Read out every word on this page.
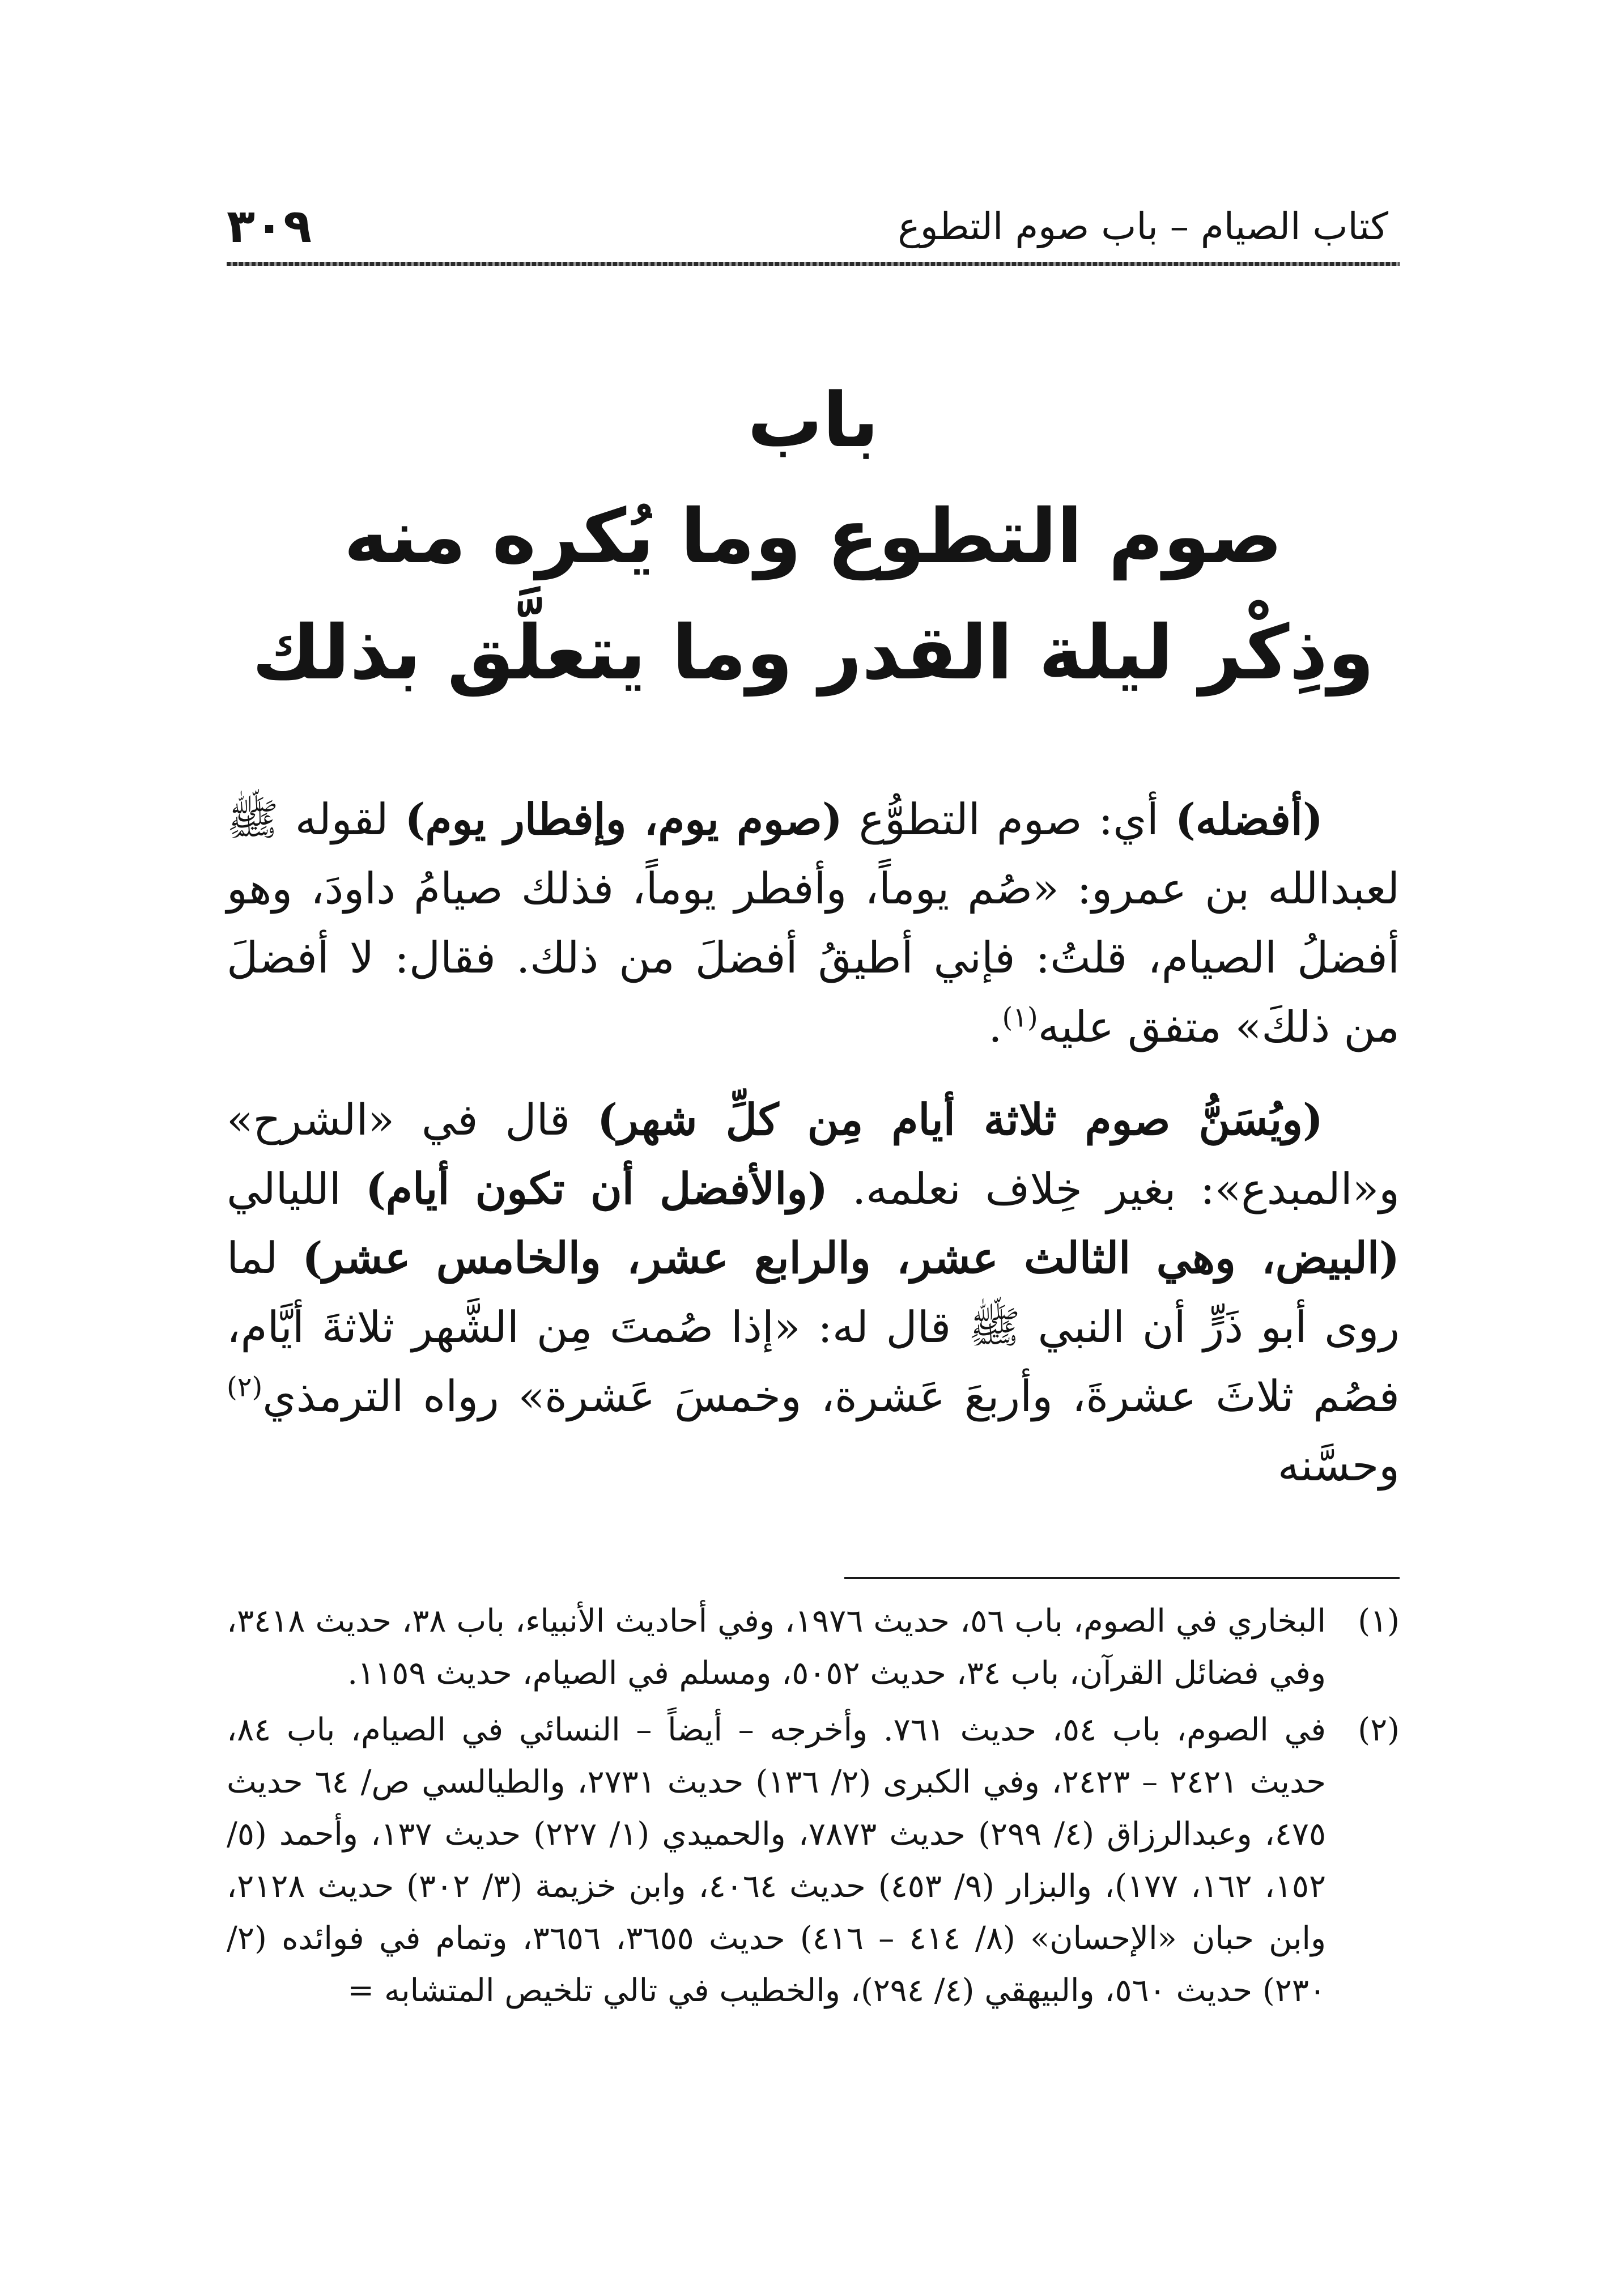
٣٠٩	كتاب الصيام – باب صوم التطوع
باب
صوم التطوع وما يُكره منه
وذِكْر ليلة القدر وما يتعلَّق بذلك

(أفضله) أي: صوم التطوُّع (صوم يوم، وإفطار يوم) لقوله ﷺ لعبدالله بن عمرو: «صُم يوماً، وأفطر يوماً، فذلك صيامُ داودَ، وهو أفضلُ الصيام، قلتُ: فإني أطيقُ أفضلَ من ذلك. فقال: لا أفضلَ من ذلكَ» متفق عليه$^{(١)}$.

(ويُسَنُّ صوم ثلاثة أيام مِن كلِّ شهر) قال في «الشرح» و«المبدع»: بغير خِلاف نعلمه. (والأفضل أن تكون أيام) الليالي (البيض، وهي الثالث عشر، والرابع عشر، والخامس عشر) لما روى أبو ذَرٍّ أن النبي ﷺ قال له: «إذا صُمتَ مِن الشَّهر ثلاثةَ أيَّام، فصُم ثلاثَ عشرةَ، وأربعَ عَشرة، وخمسَ عَشرة» رواه الترمذي$^{(٢)}$ وحسَّنه

(١)
البخاري في الصوم، باب ٥٦، حديث ١٩٧٦، وفي أحاديث الأنبياء، باب ٣٨، حديث ٣٤١٨، وفي فضائل القرآن، باب ٣٤، حديث ٥٠٥٢، ومسلم في الصيام، حديث ١١٥٩.
(٢)
في الصوم، باب ٥٤، حديث ٧٦١. وأخرجه – أيضاً – النسائي في الصيام، باب ٨٤، حديث ٢٤٢١ – ٢٤٢٣، وفي الكبرى (٢/ ١٣٦) حديث ٢٧٣١، والطيالسي ص/ ٦٤ حديث ٤٧٥، وعبدالرزاق (٤/ ٢٩٩) حديث ٧٨٧٣، والحميدي (١/ ٢٢٧) حديث ١٣٧، وأحمد (٥/ ١٥٢، ١٦٢، ١٧٧)، والبزار (٩/ ٤٥٣) حديث ٤٠٦٤، وابن خزيمة (٣/ ٣٠٢) حديث ٢١٢٨، وابن حبان «الإحسان» (٨/ ٤١٤ – ٤١٦) حديث ٣٦٥٥، ٣٦٥٦، وتمام في فوائده (٢/ ٢٣٠) حديث ٥٦٠، والبيهقي (٤/ ٢٩٤)، والخطيب في تالي تلخيص المتشابه =
